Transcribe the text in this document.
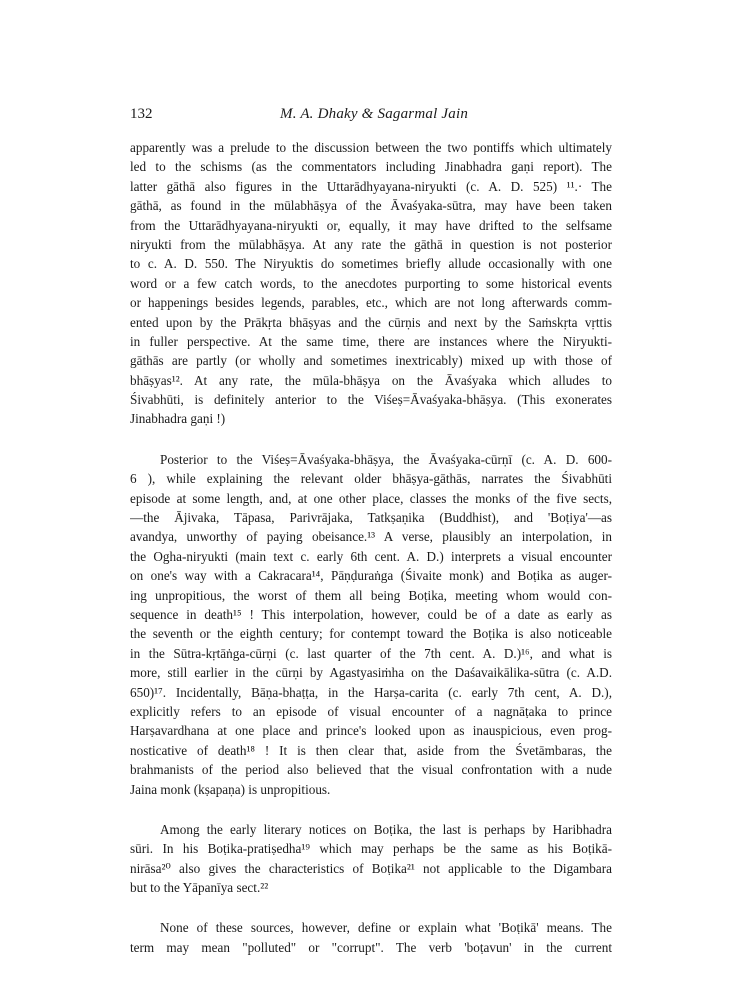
132	M. A. Dhaky & Sagarmal Jain
apparently was a prelude to the discussion between the two pontiffs which ultimately
led to the schisms (as the commentators including Jinabhadra gaṇi report). The
latter gāthā also figures in the Uttarādhyayana-niryukti (c. A. D. 525) ¹¹.· The
gāthā, as found in the mūlabhāṣya of the Āvaśyaka-sūtra, may have been taken
from the Uttarādhyayana-niryukti or, equally, it may have drifted to the selfsame
niryukti from the mūlabhāṣya. At any rate the gāthā in question is not posterior
to c. A. D. 550. The Niryuktis do sometimes briefly allude occasionally with one
word or a few catch words, to the anecdotes purporting to some historical events
or happenings besides legends, parables, etc., which are not long afterwards comm-
ented upon by the Prākṛta bhāṣyas and the cūrṇis and next by the Saṁskṛta vṛttis
in fuller perspective. At the same time, there are instances where the Niryukti-
gāthās are partly (or wholly and sometimes inextricably) mixed up with those of
bhāṣyas¹². At any rate, the mūla-bhāṣya on the Āvaśyaka which alludes to
Śivabhūti, is definitely anterior to the Viśeṣ=Āvaśyaka-bhāṣya. (This exonerates
Jinabhadra gaṇi !)
Posterior to the Viśeṣ=Āvaśyaka-bhāṣya, the Āvaśyaka-cūrṇī (c. A. D. 600-
6 ), while explaining the relevant older bhāṣya-gāthās, narrates the Śivabhūti
episode at some length, and, at one other place, classes the monks of the five sects,
—the Ājivaka, Tāpasa, Parivrājaka, Tatkṣaṇika (Buddhist), and 'Boṭiya'—as
avandya, unworthy of paying obeisance.¹³ A verse, plausibly an interpolation, in
the Ogha-niryukti (main text c. early 6th cent. A. D.) interprets a visual encounter
on one's way with a Cakracara¹⁴, Pāṇḍuraṅga (Śivaite monk) and Boṭika as auger-
ing unpropitious, the worst of them all being Boṭika, meeting whom would con-
sequence in death¹⁵ ! This interpolation, however, could be of a date as early as
the seventh or the eighth century; for contempt toward the Boṭika is also noticeable
in the Sūtra-kṛtāṅga-cūrṇi (c. last quarter of the 7th cent. A. D.)¹⁶, and what is
more, still earlier in the cūrṇi by Agastyasiṁha on the Daśavaikālika-sūtra (c. A.D.
650)¹⁷. Incidentally, Bāṇa-bhaṭṭa, in the Harṣa-carita (c. early 7th cent, A. D.),
explicitly refers to an episode of visual encounter of a nagnāṭaka to prince
Harṣavardhana at one place and prince's looked upon as inauspicious, even prog-
nosticative of death¹⁸ ! It is then clear that, aside from the Śvetāmbaras, the
brahmanists of the period also believed that the visual confrontation with a nude
Jaina monk (kṣapaṇa) is unpropitious.
Among the early literary notices on Boṭika, the last is perhaps by Haribhadra
sūri. In his Boṭika-pratiṣedha¹⁹ which may perhaps be the same as his Boṭikā-
nirāsa²⁰ also gives the characteristics of Boṭika²¹ not applicable to the Digambara
but to the Yāpanīya sect.²²
None of these sources, however, define or explain what 'Boṭikā' means. The
term may mean "polluted" or "corrupt". The verb 'boṭavun' in the current
